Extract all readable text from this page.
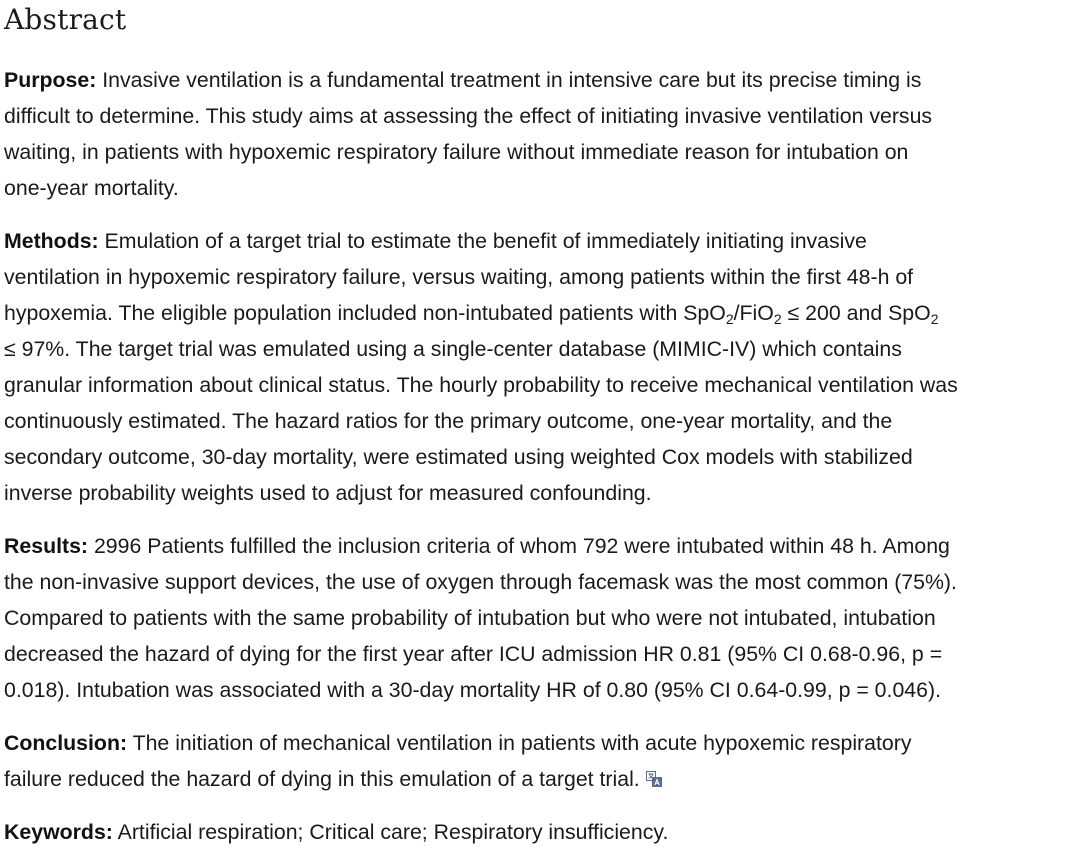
Abstract

Purpose: Invasive ventilation is a fundamental treatment in intensive care but its precise timing is
difficult to determine. This study aims at assessing the effect of initiating invasive ventilation versus
waiting, in patients with hypoxemic respiratory failure without immediate reason for intubation on
one-year mortality.

Methods: Emulation of a target trial to estimate the benefit of immediately initiating invasive
ventilation in hypoxemic respiratory failure, versus waiting, among patients within the first 48-h of
hypoxemia. The eligible population included non-intubated patients with SpO$_2$/FiO$_2$ ≤ 200 and SpO$_2$
≤ 97%. The target trial was emulated using a single-center database (MIMIC-IV) which contains
granular information about clinical status. The hourly probability to receive mechanical ventilation was
continuously estimated. The hazard ratios for the primary outcome, one-year mortality, and the
secondary outcome, 30-day mortality, were estimated using weighted Cox models with stabilized
inverse probability weights used to adjust for measured confounding.

Results: 2996 Patients fulfilled the inclusion criteria of whom 792 were intubated within 48 h. Among
the non-invasive support devices, the use of oxygen through facemask was the most common (75%).
Compared to patients with the same probability of intubation but who were not intubated, intubation
decreased the hazard of dying for the first year after ICU admission HR 0.81 (95% CI 0.68-0.96, p =
0.018). Intubation was associated with a 30-day mortality HR of 0.80 (95% CI 0.64-0.99, p = 0.046).

Conclusion: The initiation of mechanical ventilation in patients with acute hypoxemic respiratory
failure reduced the hazard of dying in this emulation of a target trial.

Keywords: Artificial respiration; Critical care; Respiratory insufficiency.
